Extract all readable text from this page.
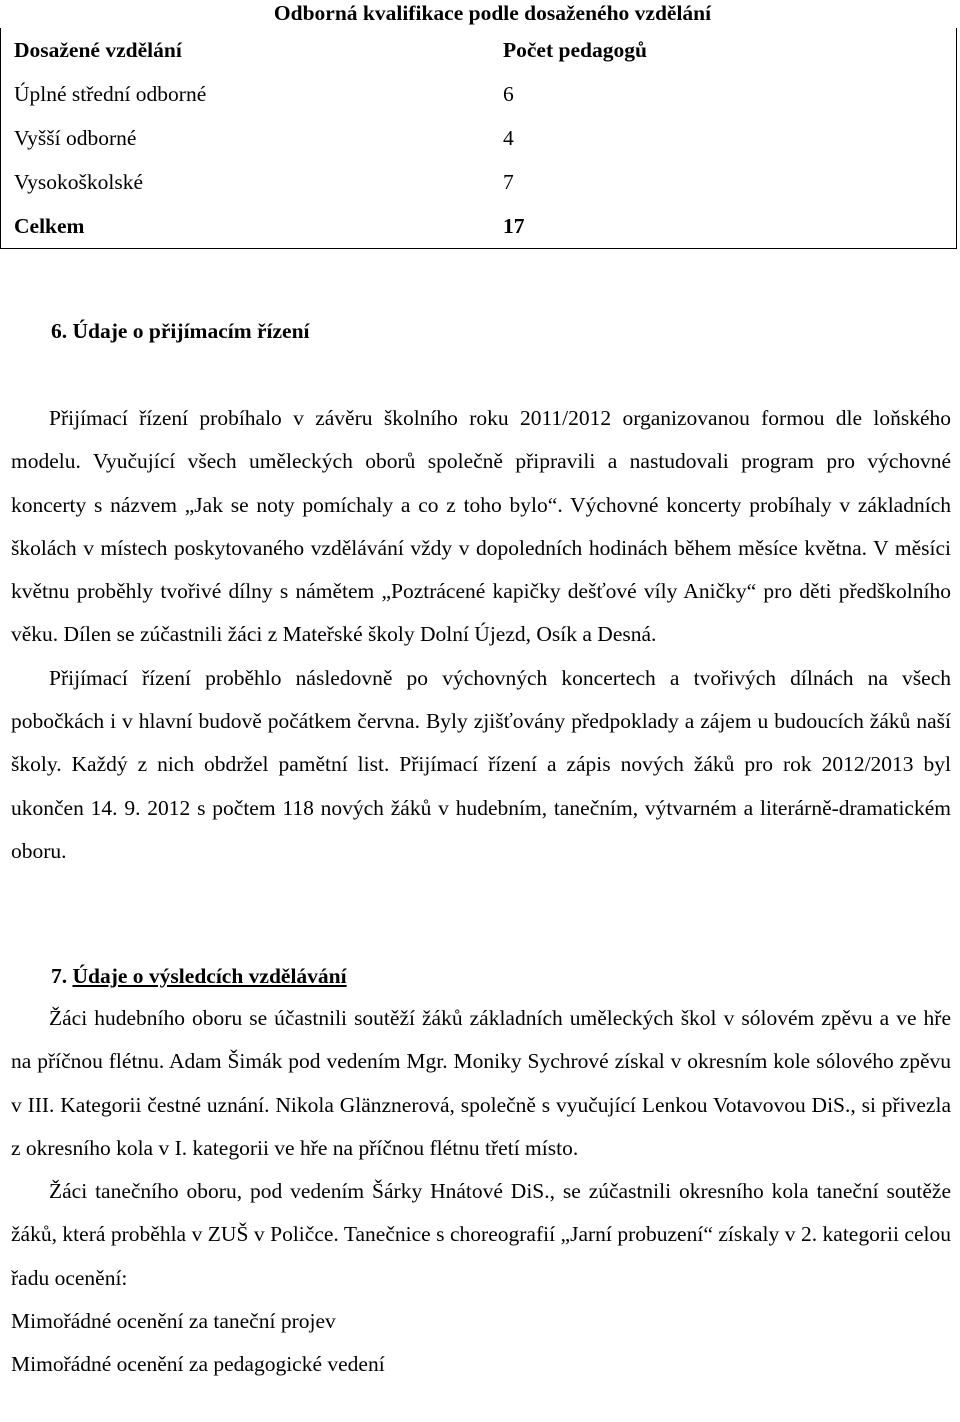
Odborná kvalifikace podle dosaženého vzdělání
Dosažené vzdělání	Počet pedagogů
Úplné střední odborné	6
Vyšší odborné	4
Vysokoškolské	7
Celkem	17
6. Údaje o přijímacím řízení

Přijímací řízení probíhalo v závěru školního roku 2011/2012 organizovanou formou dle loňského modelu. Vyučující všech uměleckých oborů společně připravili a nastudovali program pro výchovné koncerty s názvem „Jak se noty pomíchaly a co z toho bylo“. Výchovné koncerty probíhaly v základních školách v místech poskytovaného vzdělávání vždy v dopoledních hodinách během měsíce května. V měsíci květnu proběhly tvořivé dílny s námětem „Poztrácené kapičky dešťové víly Aničky“ pro děti předškolního věku. Dílen se zúčastnili žáci z Mateřské školy Dolní Újezd, Osík a Desná.

Přijímací řízení proběhlo následovně po výchovných koncertech a tvořivých dílnách na všech pobočkách i v hlavní budově počátkem června. Byly zjišťovány předpoklady a zájem u budoucích žáků naší školy. Každý z nich obdržel pamětní list. Přijímací řízení a zápis nových žáků pro rok 2012/2013 byl ukončen 14. 9. 2012 s počtem 118 nových žáků v hudebním, tanečním, výtvarném a literárně-dramatickém oboru.

7. Údaje o výsledcích vzdělávání

Žáci hudebního oboru se účastnili soutěží žáků základních uměleckých škol v sólovém zpěvu a ve hře na příčnou flétnu. Adam Šimák pod vedením Mgr. Moniky Sychrové získal v okresním kole sólového zpěvu v III. Kategorii čestné uznání. Nikola Glänznerová, společně s vyučující Lenkou Votavovou DiS., si přivezla z okresního kola v I. kategorii ve hře na příčnou flétnu třetí místo.

Žáci tanečního oboru, pod vedením Šárky Hnátové DiS., se zúčastnili okresního kola taneční soutěže žáků, která proběhla v ZUŠ v Poličce. Tanečnice s choreografií „Jarní probuzení“ získaly v 2. kategorii celou řadu ocenění:

Mimořádné ocenění za taneční projev

Mimořádné ocenění za pedagogické vedení
